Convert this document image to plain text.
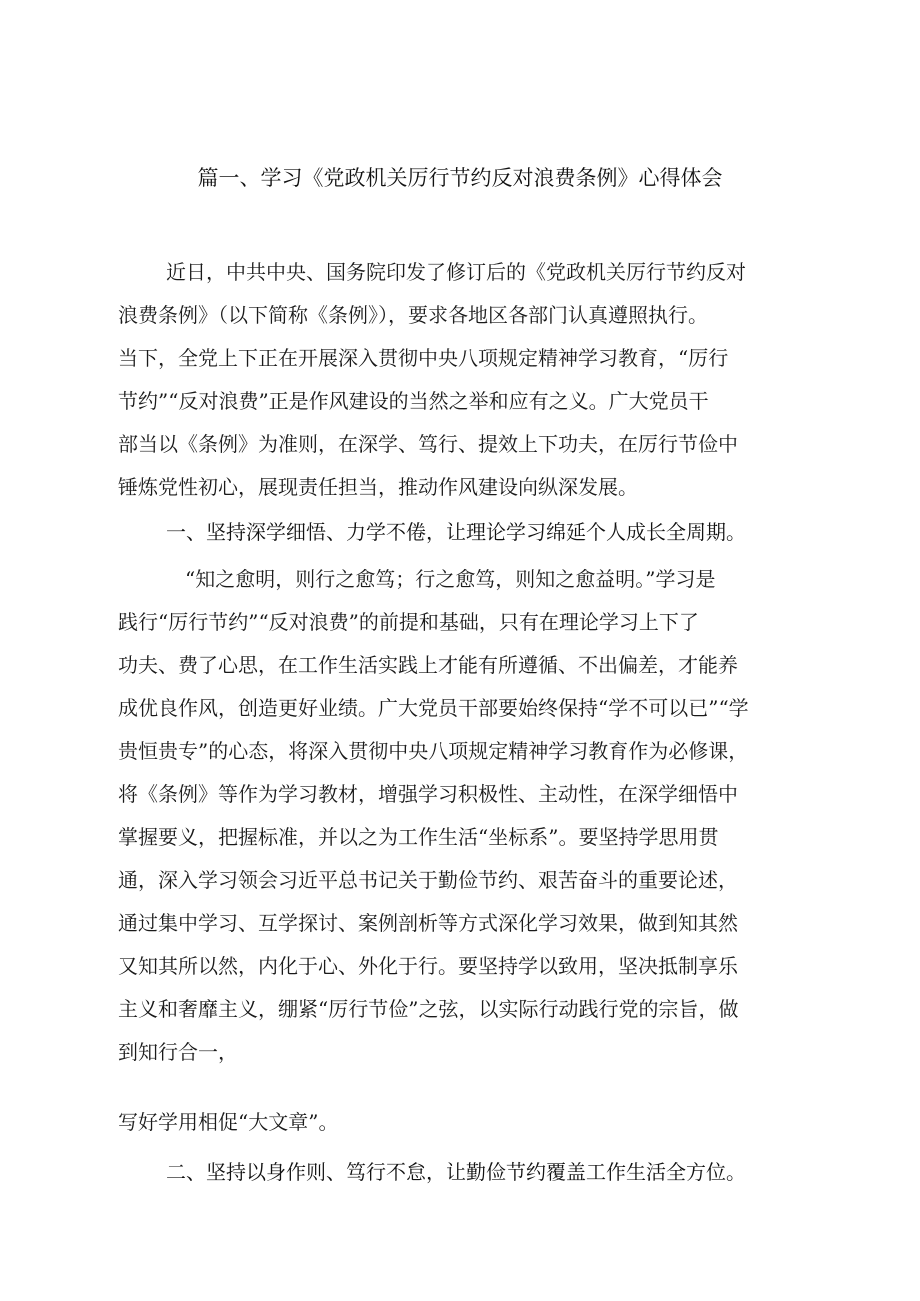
篇一、学习《党政机关厉行节约反对浪费条例》心得体会

近日，中共中央、国务院印发了修订后的《党政机关厉行节约反对

浪费条例》（以下简称《条例》），要求各地区各部门认真遵照执行。

当下，全党上下正在开展深入贯彻中央八项规定精神学习教育，“厉行

节约”“反对浪费”正是作风建设的当然之举和应有之义。广大党员干

部当以《条例》为准则，在深学、笃行、提效上下功夫，在厉行节俭中

锤炼党性初心，展现责任担当，推动作风建设向纵深发展。

一、坚持深学细悟、力学不倦，让理论学习绵延个人成长全周期。

“知之愈明，则行之愈笃；行之愈笃，则知之愈益明。”学习是

践行“厉行节约”“反对浪费”的前提和基础，只有在理论学习上下了

功夫、费了心思，在工作生活实践上才能有所遵循、不出偏差，才能养

成优良作风，创造更好业绩。广大党员干部要始终保持“学不可以已”“学

贵恒贵专”的心态，将深入贯彻中央八项规定精神学习教育作为必修课，

将《条例》等作为学习教材，增强学习积极性、主动性，在深学细悟中

掌握要义，把握标准，并以之为工作生活“坐标系”。要坚持学思用贯

通，深入学习领会习近平总书记关于勤俭节约、艰苦奋斗的重要论述，

通过集中学习、互学探讨、案例剖析等方式深化学习效果，做到知其然

又知其所以然，内化于心、外化于行。要坚持学以致用，坚决抵制享乐

主义和奢靡主义，绷紧“厉行节俭”之弦，以实际行动践行党的宗旨，做

到知行合一，

写好学用相促“大文章”。

二、坚持以身作则、笃行不怠，让勤俭节约覆盖工作生活全方位。
